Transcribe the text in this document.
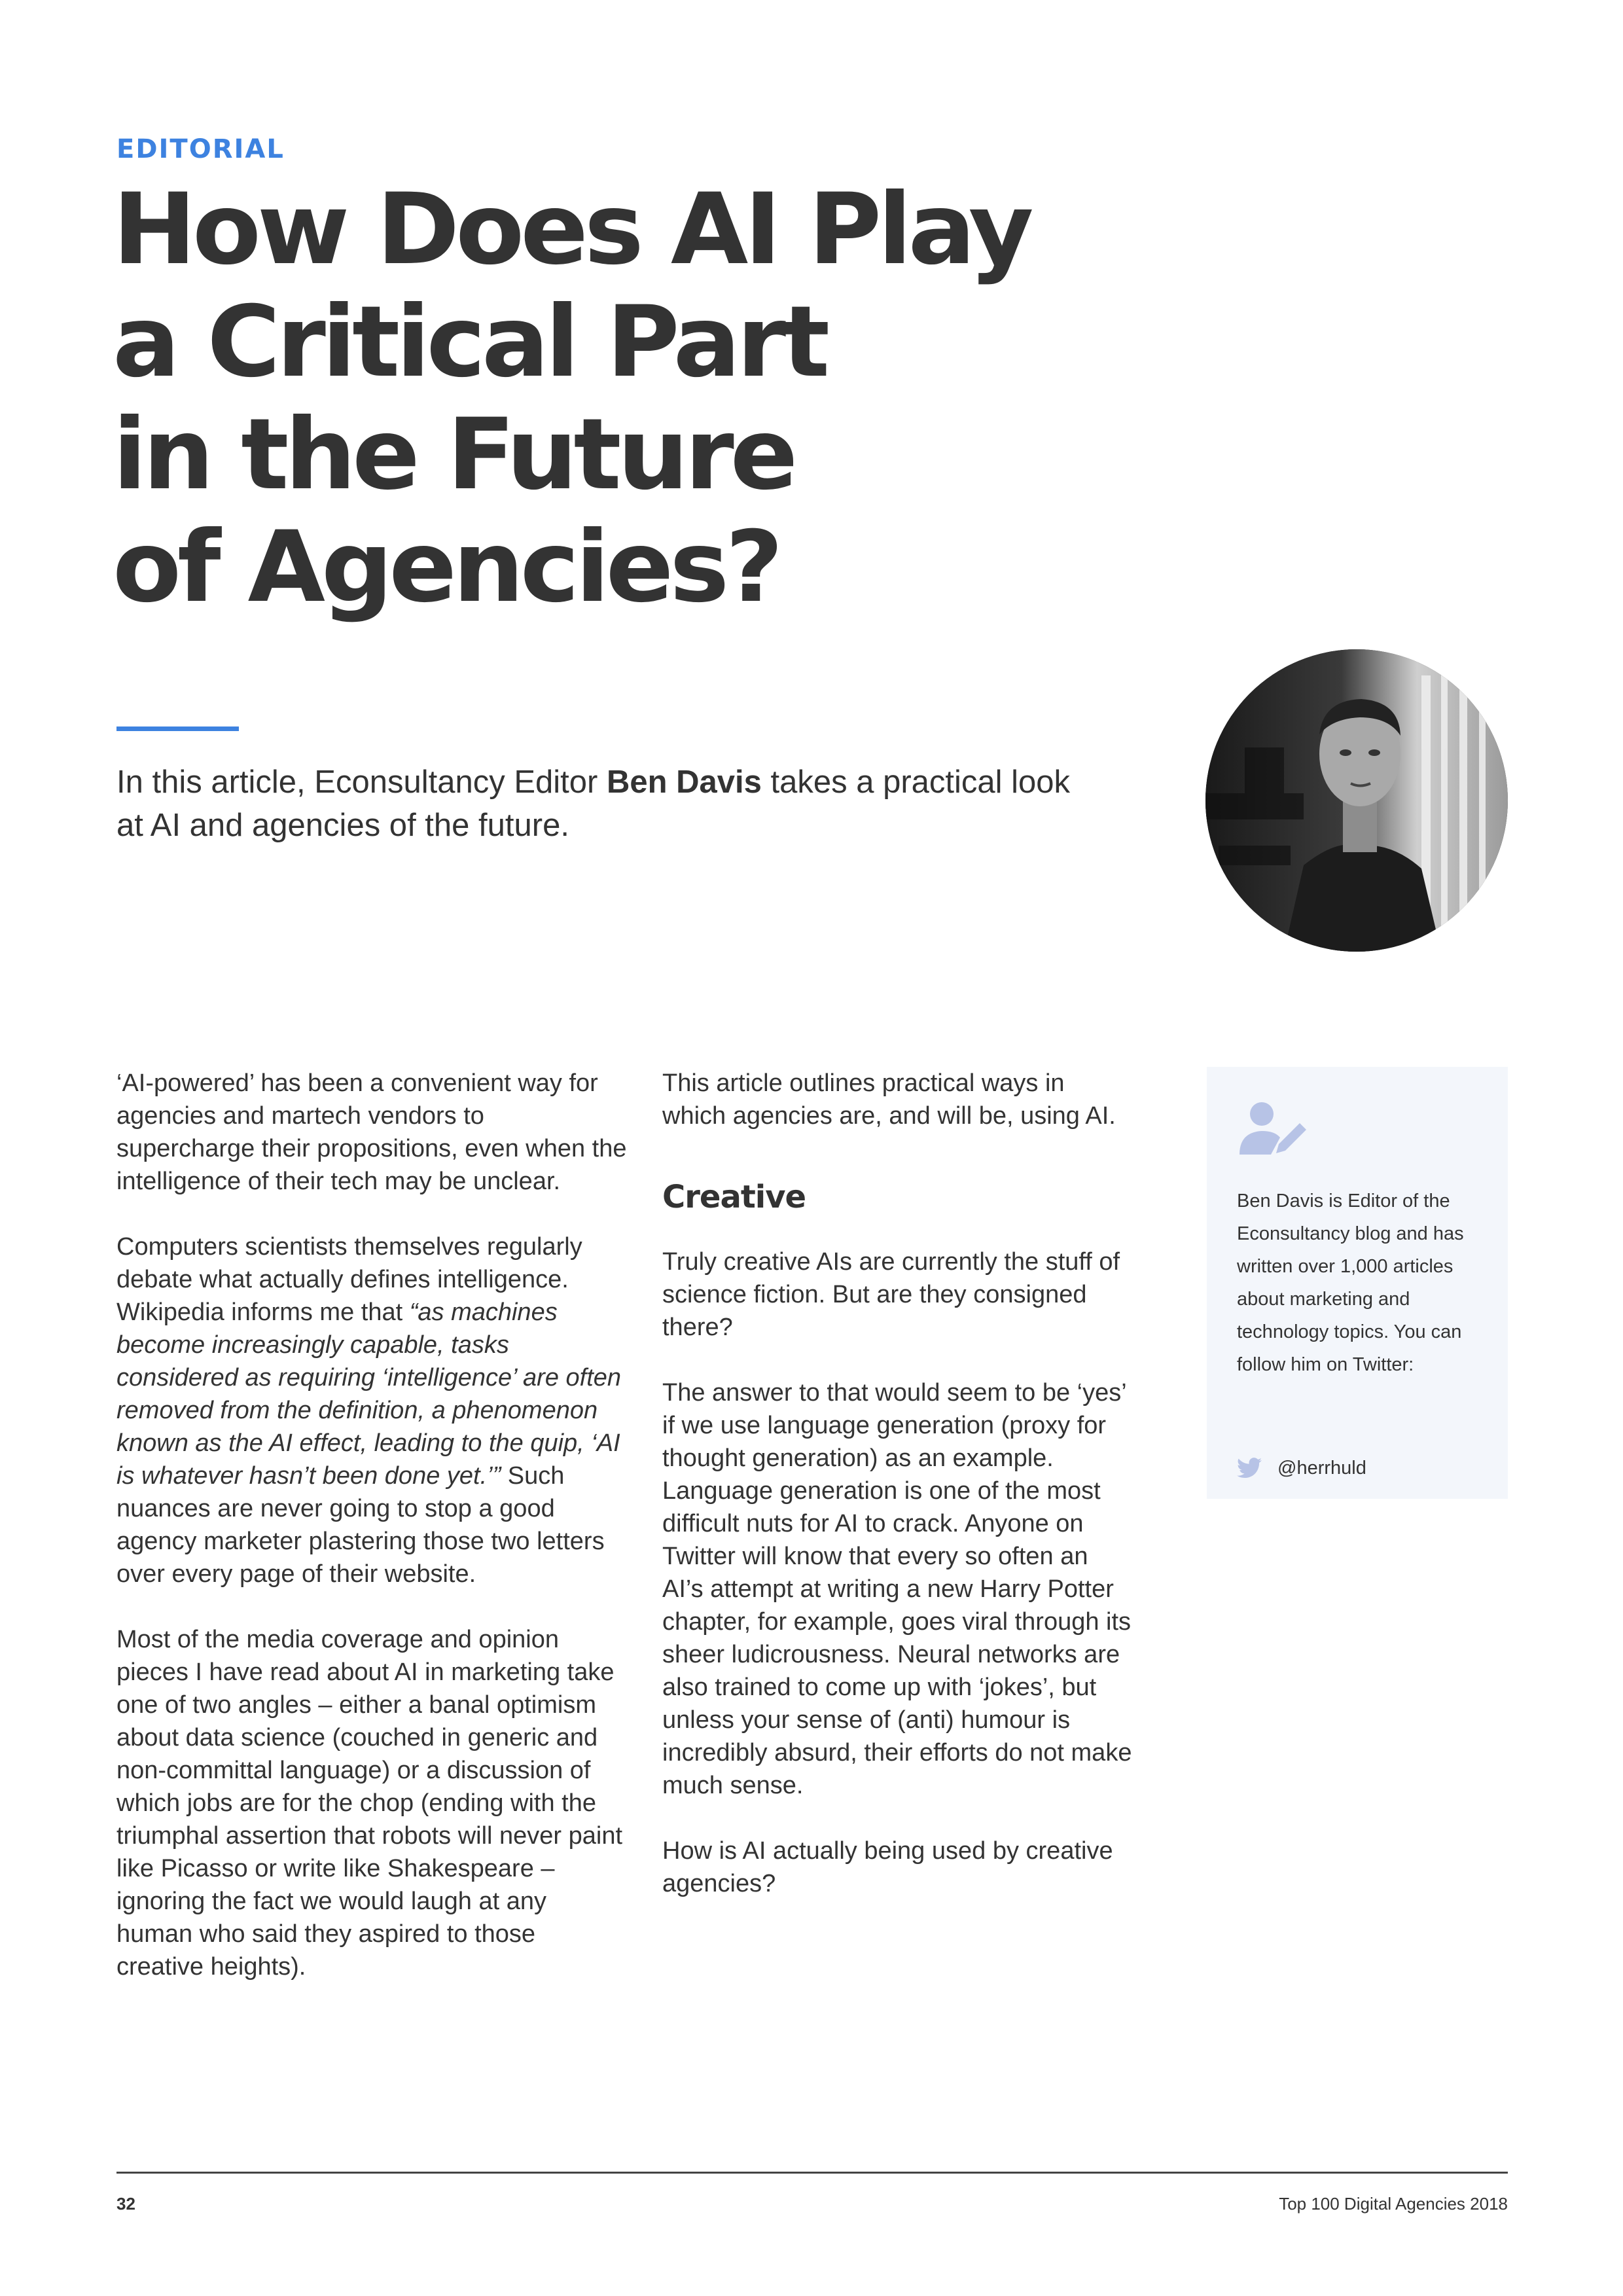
EDITORIAL
How Does AI Play
a Critical Part
in the Future
of Agencies?
In this article, Econsultancy Editor Ben Davis takes a practical look at AI and agencies of the future.

‘AI-powered’ has been a convenient way for agencies and martech vendors to supercharge their propositions, even when the intelligence of their tech may be unclear.

Computers scientists themselves regularly debate what actually defines intelligence. Wikipedia informs me that “as machines become increasingly capable, tasks considered as requiring ‘intelligence’ are often removed from the definition, a phenomenon known as the AI effect, leading to the quip, ‘AI is whatever hasn’t been done yet.’” Such nuances are never going to stop a good agency marketer plastering those two letters over every page of their website.

Most of the media coverage and opinion pieces I have read about AI in marketing take one of two angles – either a banal optimism about data science (couched in generic and non-committal language) or a discussion of which jobs are for the chop (ending with the triumphal assertion that robots will never paint like Picasso or write like Shakespeare – ignoring the fact we would laugh at any human who said they aspired to those creative heights).

This article outlines practical ways in which agencies are, and will be, using AI.

Creative

Truly creative AIs are currently the stuff of science fiction. But are they consigned there?

The answer to that would seem to be ‘yes’ if we use language generation (proxy for thought generation) as an example. Language generation is one of the most difficult nuts for AI to crack. Anyone on Twitter will know that every so often an AI’s attempt at writing a new Harry Potter chapter, for example, goes viral through its sheer ludicrousness. Neural networks are also trained to come up with ‘jokes’, but unless your sense of (anti) humour is incredibly absurd, their efforts do not make much sense.

How is AI actually being used by creative agencies?

Ben Davis is Editor of the Econsultancy blog and has written over 1,000 articles about marketing and technology topics. You can follow him on Twitter:
@herrhuld
32	Top 100 Digital Agencies 2018
